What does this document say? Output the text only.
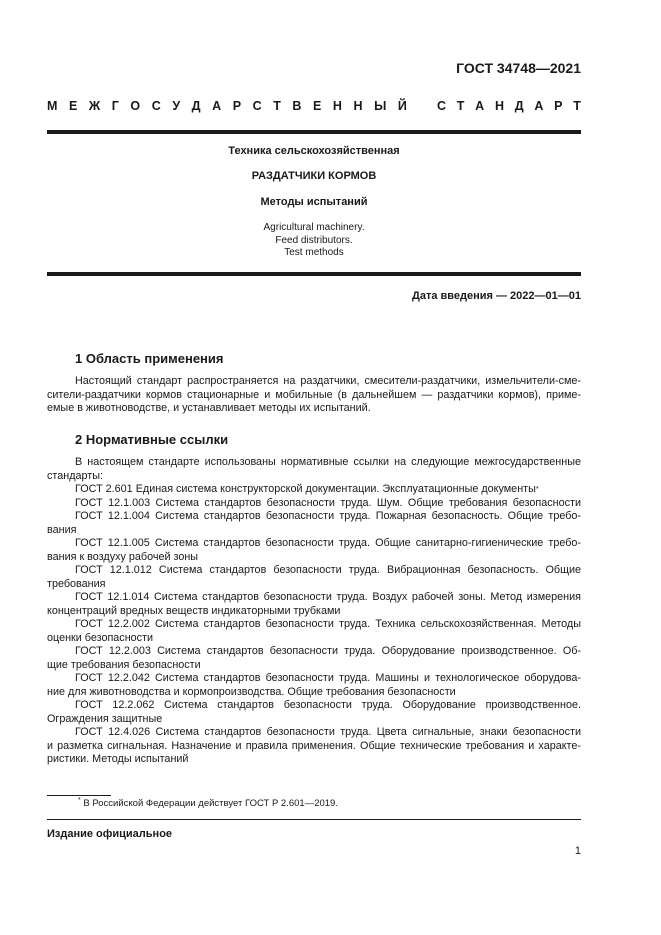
ГОСТ 34748—2021
М Е Ж Г О С У Д А Р С Т В Е Н Н Ы Й С Т А Н Д А Р Т
Техника сельскохозяйственная
РАЗДАТЧИКИ КОРМОВ
Методы испытаний
Agricultural machinery.
Feed distributors.
Test methods
Дата введения — 2022—01—01
1 Область применения
Настоящий стандарт распространяется на раздатчики, смесители-раздатчики, измельчители-сме-
сители-раздатчики кормов стационарные и мобильные (в дальнейшем — раздатчики кормов), приме-
емые в животноводстве, и устанавливает методы их испытаний.
2 Нормативные ссылки
В настоящем стандарте использованы нормативные ссылки на следующие межгосударственные
стандарты:
ГОСТ 2.601 Единая система конструкторской документации. Эксплуатационные документы*
ГОСТ 12.1.003 Система стандартов безопасности труда. Шум. Общие требования безопасности
ГОСТ 12.1.004 Система стандартов безопасности труда. Пожарная безопасность. Общие требо-
вания
ГОСТ 12.1.005 Система стандартов безопасности труда. Общие санитарно-гигиенические требо-
вания к воздуху рабочей зоны
ГОСТ 12.1.012 Система стандартов безопасности труда. Вибрационная безопасность. Общие
требования
ГОСТ 12.1.014 Система стандартов безопасности труда. Воздух рабочей зоны. Метод измерения
концентраций вредных веществ индикаторными трубками
ГОСТ 12.2.002 Система стандартов безопасности труда. Техника сельскохозяйственная. Методы
оценки безопасности
ГОСТ 12.2.003 Система стандартов безопасности труда. Оборудование производственное. Об-
щие требования безопасности
ГОСТ 12.2.042 Система стандартов безопасности труда. Машины и технологическое оборудова-
ние для животноводства и кормопроизводства. Общие требования безопасности
ГОСТ 12.2.062 Система стандартов безопасности труда. Оборудование производственное.
Ограждения защитные
ГОСТ 12.4.026 Система стандартов безопасности труда. Цвета сигнальные, знаки безопасности
и разметка сигнальная. Назначение и правила применения. Общие технические требования и характе-
ристики. Методы испытаний
* В Российской Федерации действует ГОСТ Р 2.601—2019.
Издание официальное
1
